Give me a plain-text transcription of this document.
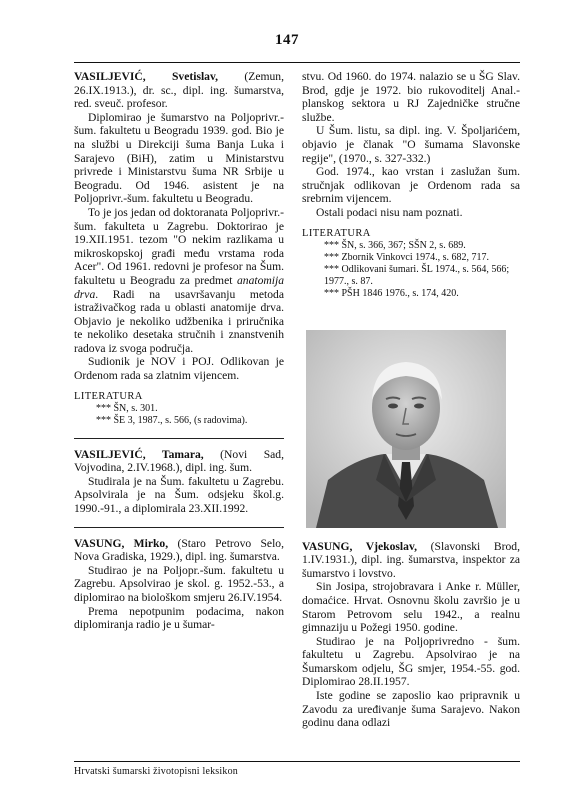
147

VASILJEVIĆ, Svetislav, (Zemun, 26.IX.1913.), dr. sc., dipl. ing. šumarstva, red. sveuč. profesor.

Diplomirao je šumarstvo na Poljoprivr.-šum. fakultetu u Beogradu 1939. god. Bio je na službi u Direkciji šuma Banja Luka i Sarajevo (BiH), zatim u Ministarstvu privrede i Ministarstvu šuma NR Srbije u Beogradu. Od 1946. asistent je na Poljoprivr.-šum. fakultetu u Beogradu.

To je jos jedan od doktoranata Poljoprivr.-šum. fakulteta u Zagrebu. Doktorirao je 19.XII.1951. tezom "O nekim razlikama u mikroskopskoj građi među vrstama roda Acer". Od 1961. redovni je profesor na Šum. fakultetu u Beogradu za predmet anatomija drva. Radi na usavršavanju metoda istraživačkog rada u oblasti anatomije drva. Objavio je nekoliko udžbenika i priručnika te nekoliko desetaka stručnih i znanstvenih radova iz svoga područja.

Sudionik je NOV i POJ. Odlikovan je Ordenom rada sa zlatnim vijencem.

LITERATURA
*** ŠN, s. 301.
*** ŠE 3, 1987., s. 566, (s radovima).

VASILJEVIĆ, Tamara, (Novi Sad, Vojvodina, 2.IV.1968.), dipl. ing. šum.

Studirala je na Šum. fakultetu u Zagrebu. Apsolvirala je na Šum. odsjeku škol.g. 1990.-91., a diplomirala 23.XII.1992.

VASUNG, Mirko, (Staro Petrovo Selo, Nova Gradiska, 1929.), dipl. ing. šumarstva.

Studirao je na Poljopr.-šum. fakultetu u Zagrebu. Apsolvirao je skol. g. 1952.-53., a diplomirao na biološkom smjeru 26.IV.1954.

Prema nepotpunim podacima, nakon diplomiranja radio je u šumar-

stvu. Od 1960. do 1974. nalazio se u ŠG Slav. Brod, gdje je 1972. bio rukovoditelj Anal.-planskog sektora u RJ Zajedničke stručne službe.

U Šum. listu, sa dipl. ing. V. Špoljarićem, objavio je članak "O šumama Slavonske regije", (1970., s. 327-332.)

God. 1974., kao vrstan i zaslužan šum. stručnjak odlikovan je Ordenom rada sa srebrnim vijencem.

Ostali podaci nisu nam poznati.

LITERATURA
*** ŠN, s. 366, 367; SŠN 2, s. 689.
*** Zbornik Vinkovci 1974., s. 682, 717.
*** Odlikovani šumari. ŠL 1974., s. 564, 566; 1977., s. 87.
*** PŠH 1846 1976., s. 174, 420.

VASUNG, Vjekoslav, (Slavonski Brod, 1.IV.1931.), dipl. ing. šumarstva, inspektor za šumarstvo i lovstvo.

Sin Josipa, strojobravara i Anke r. Müller, domaćice. Hrvat. Osnovnu školu završio je u Starom Petrovom selu 1942., a realnu gimnaziju u Požegi 1950. godine.

Studirao je na Poljoprivredno - šum. fakultetu u Zagrebu. Apsolvirao je na Šumarskom odjelu, ŠG smjer, 1954.-55. god. Diplomirao 28.II.1957.

Iste godine se zaposlio kao pripravnik u Zavodu za uređivanje šuma Sarajevo. Nakon godinu dana odlazi

Hrvatski šumarski životopisni leksikon
